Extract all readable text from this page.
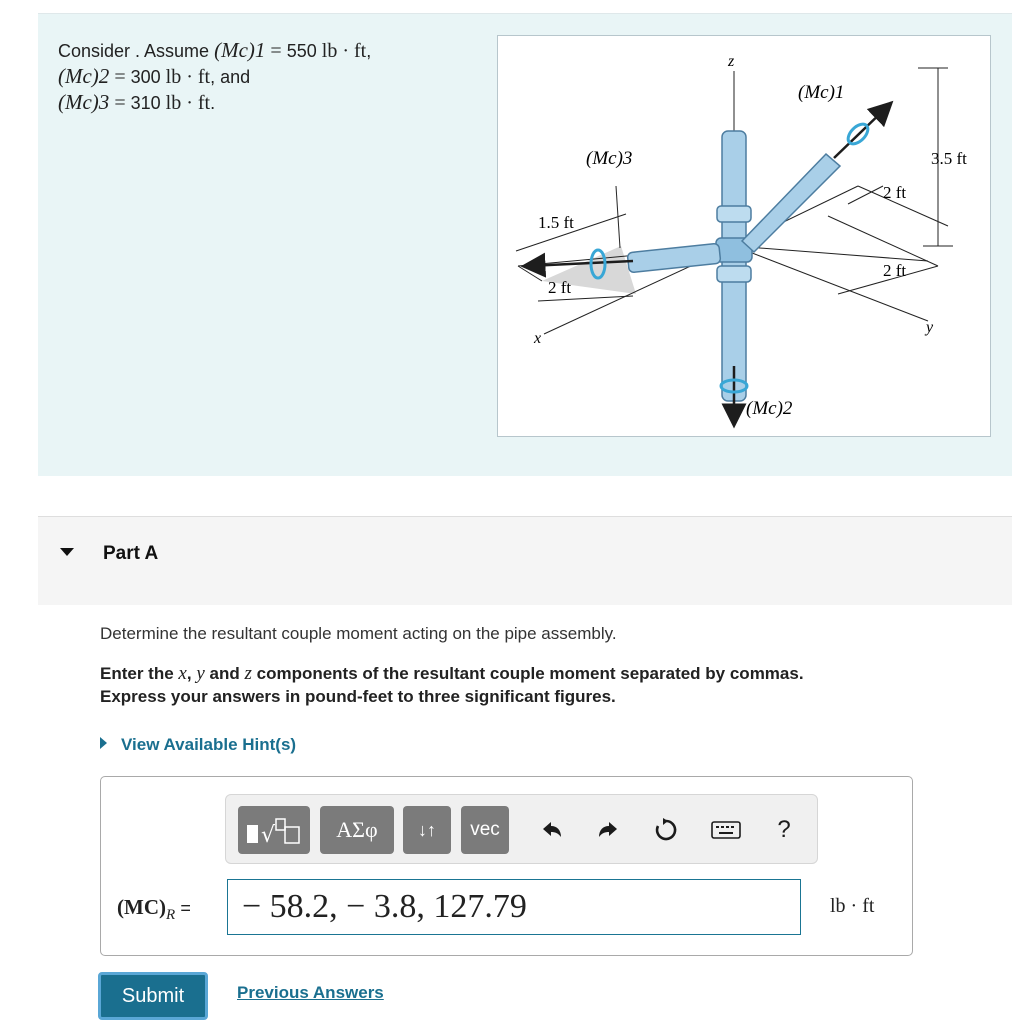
Consider . Assume (Mc)1 = 550 lb · ft,
(Mc)2 = 300 lb · ft, and
(Mc)3 = 310 lb · ft.
z
y
x
(Mc)1
(Mc)2
(Mc)3
1.5 ft
2 ft
2 ft
2 ft
3.5 ft
Part A
Determine the resultant couple moment acting on the pipe assembly.
Enter the x, y and z components of the resultant couple moment separated by commas.
Express your answers in pound-feet to three significant figures.
View Available Hint(s)
√	ΑΣφ	↓↑	vec	?
$(MC)_R$ =	− 58.2, − 3.8, 127.79	lb · ft
Submit	Previous Answers
